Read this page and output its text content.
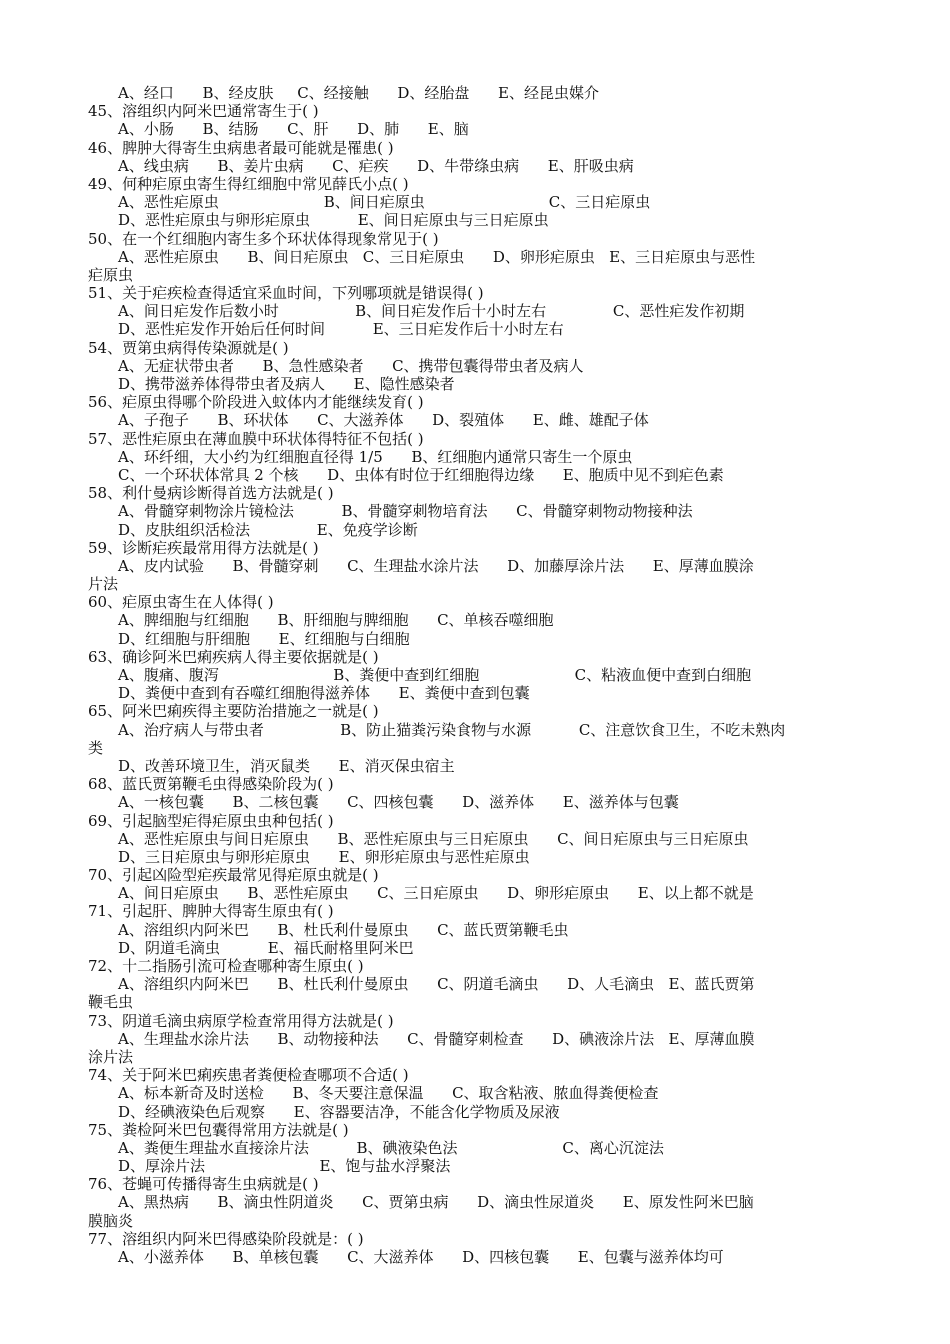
A、经口      B、经皮肤     C、经接触      D、经胎盘      E、经昆虫媒介
45、溶组织内阿米巴通常寄生于( )
A、小肠      B、结肠      C、肝      D、肺      E、脑
46、脾肿大得寄生虫病患者最可能就是罹患( )
A、线虫病      B、姜片虫病      C、疟疾      D、牛带绦虫病      E、肝吸虫病
49、何种疟原虫寄生得红细胞中常见薛氏小点( )
A、恶性疟原虫                      B、间日疟原虫                          C、三日疟原虫
D、恶性疟原虫与卵形疟原虫          E、间日疟原虫与三日疟原虫
50、在一个红细胞内寄生多个环状体得现象常见于( )
A、恶性疟原虫      B、间日疟原虫   C、三日疟原虫      D、卵形疟原虫   E、三日疟原虫与恶性
疟原虫
51、关于疟疾检查得适宜采血时间，下列哪项就是错误得( )
A、间日疟发作后数小时                B、间日疟发作后十小时左右              C、恶性疟发作初期
D、恶性疟发作开始后任何时间          E、三日疟发作后十小时左右
54、贾第虫病得传染源就是( )
A、无症状带虫者      B、急性感染者      C、携带包囊得带虫者及病人
D、携带滋养体得带虫者及病人      E、隐性感染者
56、疟原虫得哪个阶段进入蚊体内才能继续发育( )
A、子孢子      B、环状体      C、大滋养体      D、裂殖体      E、雌、雄配子体
57、恶性疟原虫在薄血膜中环状体得特征不包括( )
A、环纤细，大小约为红细胞直径得 1/5      B、红细胞内通常只寄生一个原虫
C、一个环状体常具 2 个核      D、虫体有时位于红细胞得边缘      E、胞质中见不到疟色素
58、利什曼病诊断得首选方法就是( )
A、骨髓穿刺物涂片镜检法          B、骨髓穿刺物培育法      C、骨髓穿刺物动物接种法
D、皮肤组织活检法              E、免疫学诊断
59、诊断疟疾最常用得方法就是( )
A、皮内试验      B、骨髓穿刺      C、生理盐水涂片法      D、加藤厚涂片法      E、厚薄血膜涂
片法
60、疟原虫寄生在人体得( )
A、脾细胞与红细胞      B、肝细胞与脾细胞      C、单核吞噬细胞
D、红细胞与肝细胞      E、红细胞与白细胞
63、确诊阿米巴痢疾病人得主要依据就是( )
A、腹痛、腹泻                        B、粪便中查到红细胞                    C、粘液血便中查到白细胞
D、粪便中查到有吞噬红细胞得滋养体      E、粪便中查到包囊
65、阿米巴痢疾得主要防治措施之一就是( )
A、治疗病人与带虫者                B、防止猫粪污染食物与水源          C、注意饮食卫生，不吃未熟肉
类
D、改善环境卫生，消灭鼠类      E、消灭保虫宿主
68、蓝氏贾第鞭毛虫得感染阶段为( )
A、一核包囊      B、二核包囊      C、四核包囊      D、滋养体      E、滋养体与包囊
69、引起脑型疟得疟原虫虫种包括( )
A、恶性疟原虫与间日疟原虫      B、恶性疟原虫与三日疟原虫      C、间日疟原虫与三日疟原虫
D、三日疟原虫与卵形疟原虫      E、卵形疟原虫与恶性疟原虫
70、引起凶险型疟疾最常见得疟原虫就是( )
A、间日疟原虫      B、恶性疟原虫      C、三日疟原虫      D、卵形疟原虫      E、以上都不就是
71、引起肝、脾肿大得寄生原虫有( )
A、溶组织内阿米巴      B、杜氏利什曼原虫      C、蓝氏贾第鞭毛虫
D、阴道毛滴虫          E、福氏耐格里阿米巴
72、十二指肠引流可检查哪种寄生原虫( )
A、溶组织内阿米巴      B、杜氏利什曼原虫      C、阴道毛滴虫      D、人毛滴虫   E、蓝氏贾第
鞭毛虫
73、阴道毛滴虫病原学检查常用得方法就是( )
A、生理盐水涂片法      B、动物接种法      C、骨髓穿刺检查      D、碘液涂片法   E、厚薄血膜
涂片法
74、关于阿米巴痢疾患者粪便检查哪项不合适( )
A、标本新奇及时送检      B、冬天要注意保温      C、取含粘液、脓血得粪便检查
D、经碘液染色后观察      E、容器要洁净，不能含化学物质及尿液
75、粪检阿米巴包囊得常用方法就是( )
A、粪便生理盐水直接涂片法          B、碘液染色法                      C、离心沉淀法
D、厚涂片法                        E、饱与盐水浮聚法
76、苍蝇可传播得寄生虫病就是( )
A、黑热病      B、滴虫性阴道炎      C、贾第虫病      D、滴虫性尿道炎      E、原发性阿米巴脑
膜脑炎
77、溶组织内阿米巴得感染阶段就是：( )
A、小滋养体      B、单核包囊      C、大滋养体      D、四核包囊      E、包囊与滋养体均可
